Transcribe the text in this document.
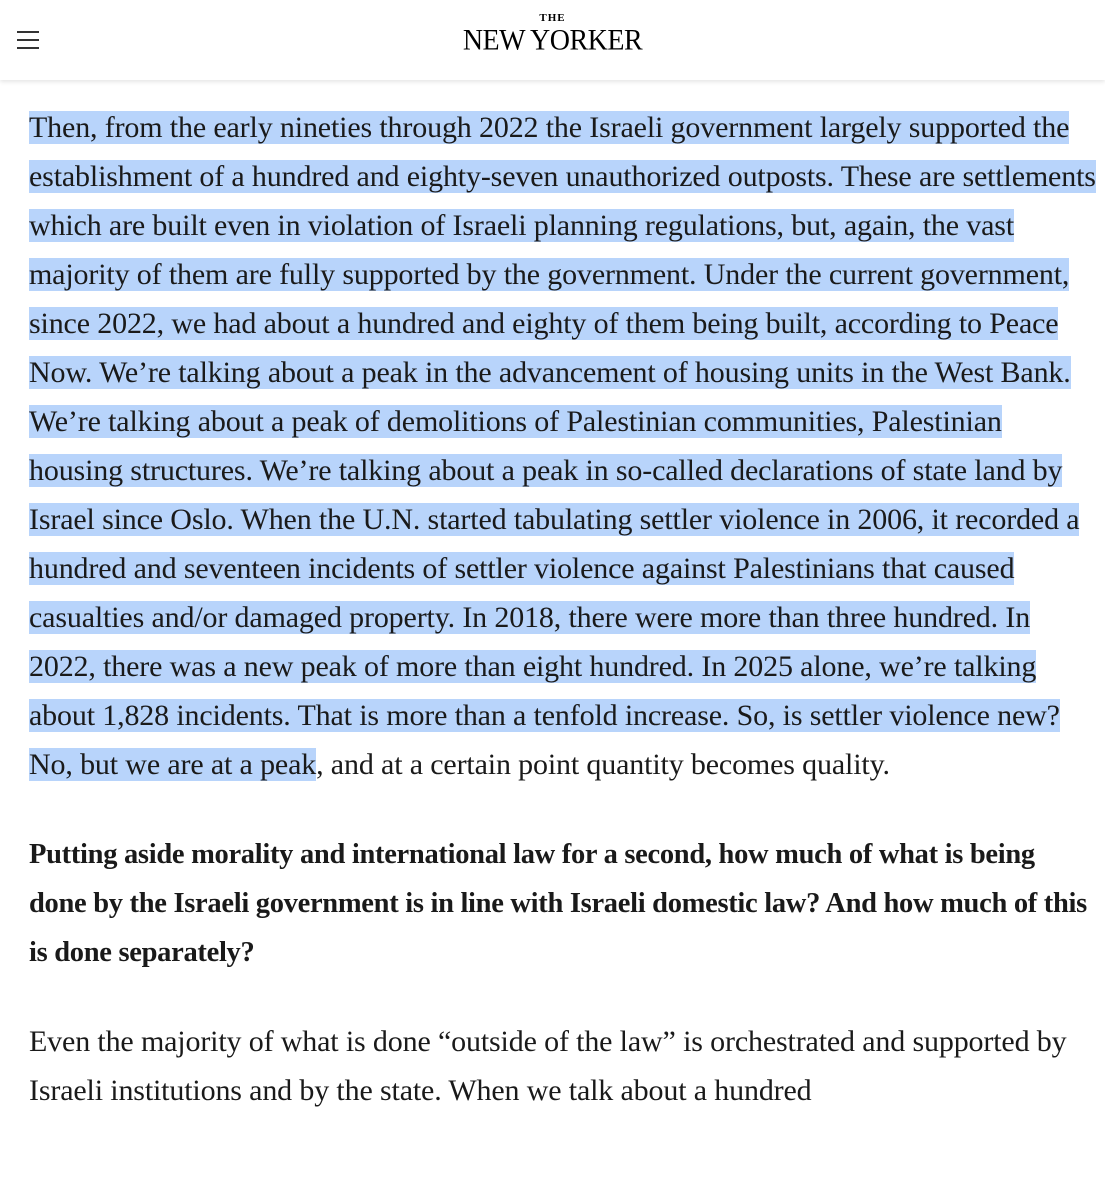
THE
NEW YORKER

Then, from the early nineties through 2022 the Israeli government largely supported the establishment of a hundred and eighty-seven unauthorized outposts. These are settlements which are built even in violation of Israeli planning regulations, but, again, the vast majority of them are fully supported by the government. Under the current government, since 2022, we had about a hundred and eighty of them being built, according to Peace Now. We’re talking about a peak in the advancement of housing units in the West Bank. We’re talking about a peak of demolitions of Palestinian communities, Palestinian housing structures. We’re talking about a peak in so-called declarations of state land by Israel since Oslo. When the U.N. started tabulating settler violence in 2006, it recorded a hundred and seventeen incidents of settler violence against Palestinians that caused casualties and/or damaged property. In 2018, there were more than three hundred. In 2022, there was a new peak of more than eight hundred. In 2025 alone, we’re talking about 1,828 incidents. That is more than a tenfold increase. So, is settler violence new? No, but we are at a peak, and at a certain point quantity becomes quality.

Putting aside morality and international law for a second, how much of what is being done by the Israeli government is in line with Israeli domestic law? And how much of this is done separately?

Even the majority of what is done “outside of the law” is orchestrated and supported by Israeli institutions and by the state. When we talk about a hundred
